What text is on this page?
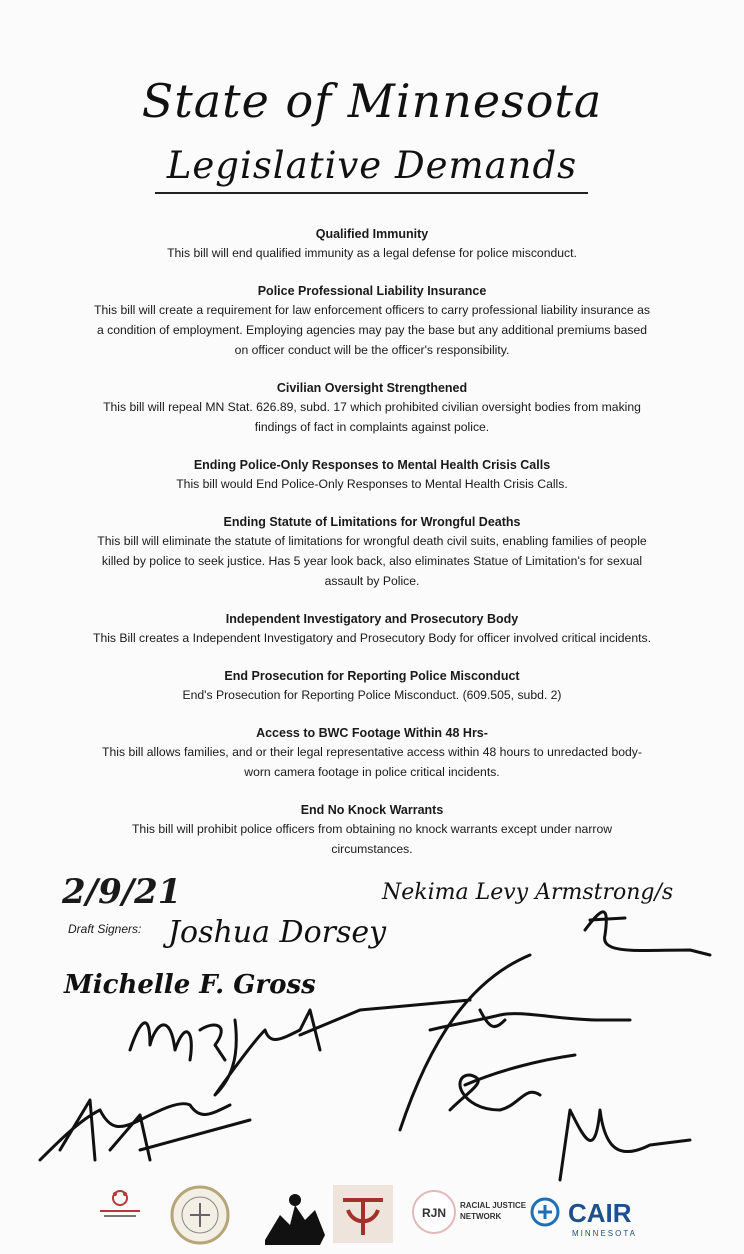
State of Minnesota
Legislative Demands
Qualified Immunity
This bill will end qualified immunity as a legal defense for police misconduct.
Police Professional Liability Insurance
This bill will create a requirement for law enforcement officers to carry professional liability insurance as
a condition of employment. Employing agencies may pay the base but any additional premiums based
on officer conduct will be the officer's responsibility.
Civilian Oversight Strengthened
This bill will repeal MN Stat. 626.89, subd. 17 which prohibited civilian oversight bodies from making
findings of fact in complaints against police.
Ending Police-Only Responses to Mental Health Crisis Calls
This bill would End Police-Only Responses to Mental Health Crisis Calls.
Ending Statute of Limitations for Wrongful Deaths
This bill will eliminate the statute of limitations for wrongful death civil suits, enabling families of people
killed by police to seek justice. Has 5 year look back, also eliminates Statue of Limitation's for sexual
assault by Police.
Independent Investigatory and Prosecutory Body
This Bill creates a Independent Investigatory and Prosecutory Body for officer involved critical incidents.
End Prosecution for Reporting Police Misconduct
End's Prosecution for Reporting Police Misconduct. (609.505, subd. 2)
Access to BWC Footage Within 48 Hrs-
This bill allows families, and or their legal representative access within 48 hours to unredacted body-
worn camera footage in police critical incidents.
End No Knock Warrants
This bill will prohibit police officers from obtaining no knock warrants except under narrow
circumstances.
2/9/21
Draft Signers:
Nekima Levy Armstrong/s
Joshua Dorsey
Michelle F. Gross
RJN
RACIAL JUSTICE
NETWORK	CAIR
MINNESOTA
